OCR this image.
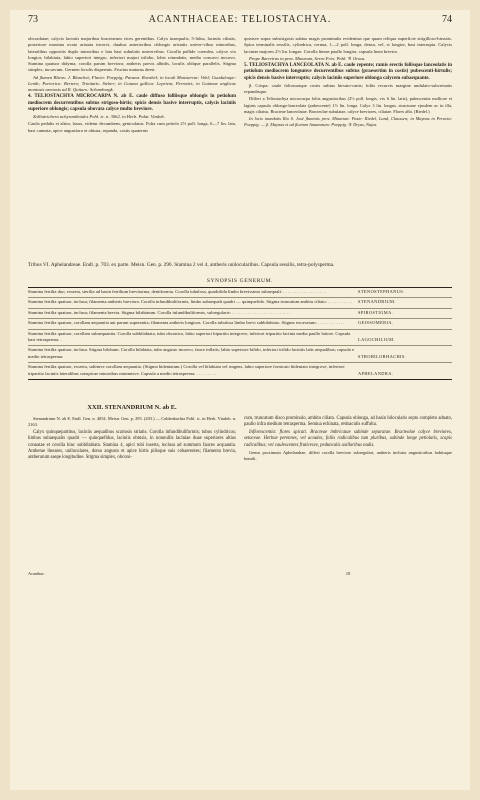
73	ACANTHACEAE: TELIOSTACHYA.	74

obcordatae; calycis laciniis majoribus bractearum vices gerentibus. Calyx inaequalis, 5-fidus, laciniis ciliatis, posteriore maxima ovata aristata tricervi, duabus anterioribus oblongis aristatis univer-vibus minoribus, lateralibus oppositis duplo minoribus e lata basi subulatis univervibus. Corolla pallide coerulea, calyce vix longior, bilabiata, labio superiori integro, inferiori majori trilobo, lobis rotundatis, medio concavo incurvo. Stamina quatuor didyma, corolla parum breviora; antheris parvis albidis, loculis oblique parallelis. Stigma simplex, incurvum. Germen loculis dispermis. Fructus maturus deest.

Ad flumen Rheos: J. Blanchet; Fluvio: Poeppig; Parana: Roenhel; in locali Montserrat: Vohl; Guadaloupe: Lenth; Portorico: Bertero; Trinitatis: Sieber; in Guiana gallica: Leprieur, Perrottet; in Guianae anglicae montosis arenosis ad R. Quitaro: Schomburgk.

4. TELIOSTACHYA MICROCARPA N. ab E. caule diffuso folliisque oblongis in petiolum mediocrem decurrentibus subtus strigoso-hirtis; spicis densis basive interruptis, calycis laciniis superiore oblongis; capsula obovata calyce multo breviore.

Zolliatrichera achyranthoides Pohl. ic. n. 3062. in Herb. Palat. Vindob.

Caulis pedalis et altior, laxus, videtur decumbens, geniculatus. Folia cum petiolo 2½ poll. longa, 6—7 lin. lata, basi cuneata, apice angustiora et obtusa, repanda, costis quaternis

quisisve supra substrigosis subtus magis prominulis evidentius que quam reliqua superficie strigilloso-hirsutis. Spica terminalis sessilis, cylindrica, cernua, 1—2 poll. longa, densa, vel, si longior, basi interrupta. Calycis laciniae majores 2½ lin. longae. Corolla lineae paullo longior, capsula linea brevior.

Prope Barreiras in prov. Minarum, Serra Frio: Pohl. ♃ Orosa.

5. TELIOSTACHYA LANCEOLATA N. ab E. caule repente; ramis erectis foliisque lanceolatis in petiolum mediocrem longumve decurrentibus subtus (praesertim in costis) pubescenti-hirtulis; spicis densis basive interruptis; calycis laciniis superiore oblonga calycem subaequante.

β. Crispa: caule folioruraque costis subtus hirsuto-canis; foliis recurvis margine undulato-subcrenatis repandisque.

Differt a Teliostachya microcarpa foliis angustioribus (2½ poll. longis, vix 6 lin. latis), pubescentia molliore et laginis capsula oblongo-lanceolata (pubescente) 1½ lin. longa. Calyx 3 lin. longus, structurae ejusdem ac in illa, magis ciliatus. Bracteae lanceolatae. Bracteolae subulatae, calyce breviores, ciliatae. Flores albi. (Riedel.)

In locis inundatis Rio S. José fluminis prov. Minarum: Pasie: Riedel, Lund, Claussen; in Maynas in Peruvia: Poeppig. — β. Maynas et ad fluvium Amazonum: Poeppig. ♃ Dryas, Najas.

Tribus VI. Aphelandreae. Endl. p. 703. ex parte. Meisn. Gen. p. 296. Stamina 2 vel 4, antheris unilocularibus. Capsula sessilis, tetra-polysperma.
SYNOPSIS GENERUM.
Stamina fertilia duo, exserta, sterilia ad basin fertilium brevissima, dentiformia. Corolla tubulosa, quadrifida limbo brevissimo subaequali: . . . . . . . . . . . . . . . . . . .	STENOSTEPHANUS.
Stamina fertilia quatuor, inclusa; filamenta antheris breviora. Corolla infundibuliformis, limbo subaequali quadri — quinquefido. Stigma truncatum ambitu ciliato: . . . . . . . . . . .	STENANDRIUM.
Stamina fertilia quatuor, inclusa; filamenta brevia. Stigma bilabiatum. Corolla infundibuliformis, subregularis: . . . . . . . . . . . . . . . . . . . . . . . . . .	SPIROSTIGMA.
Stamina fertilia quatuor, corollam aequantia aut parum superantia; filamenta antheris longiora. Corolla tubulosa limbo brevi subbilabiato. Stigma excavatum: . . . . . . . . . . . .	GEISSOMERIA.
Stamina fertilia quatuor, corollam subaequantia. Corolla subbilabiata, tubo obconico, labio superiori bipartito integrove, inferiori tripartito lacinia media paullo latiore. Capsula basi tetrasperma: .	LAGOCHILIUM.
Stamina fertilia quatuor, inclusa. Stigma bilobum. Corolla bilabiata, tubo angusto incurvo, fauce inflatis, labio superiore bifido, inferiori trifido laciniis latis aequalibus; capsula e medio tetrasperma:	STROBILORHACHIS.
Stamina fertilia quatuor, exserta, saltimve corollam aequantia. (Stigma bidentatum.) Corolla vel bilabiata vel ringens, labio superiore fornicato bidentato integrove, inferiore tripartito laciniis lateralibus conspicue minoribus minimisve. Capsula a medio tetrasperma: . . . . . . . . .	APHELANDRA.
XXII. STENANDRIUM N. ab E.

Stenandrium N. ab E. Endl. Gen. n. 4054. Meisn. Gen. p. 295. (203.) — Caldenbachia Pohl. ic. in Herb. Vindob. n. 2163.

Calyx quinquepartitus, laciniis aequalibus scariosis striatis. Corolla infundibuliformis; tubus cylindricus; limbus subaequalis quadri — quinquefidus, laciniis obtusis, in nonnullis laciniae duae superiores altius connatae et corolla hinc subbilabiata. Stamina 4, apici tubi inserta, inclusa ad summum fauces acquantia. Antherae lineares, uniloculares, dorso angusto et apice hirtis pilisque suis cohaerentes; filamenta brevia, antherarum saepe longitudine. Stigma simplex, obconi-

cum, truncatum disco prominulo, ambitu ciliato. Capsula oblonga, ad basin bilocularis septo completo adnato, paullo infra medium tetrasperma. Semina echinata, retinaculis suffulta.

Inflorescentia: flores spicati. Bracteae imbricatae subinde separatae. Bracteolae calyce breviores, setaceae. Herbae perennes, vel acaules, foliis radicalibus tum pluribus, subinde longe petiolatis, scapis radicalibus; vel caulescentes fruticesve, pedunculis axillaribus nudis.

Genus proximum Aphelandrae, differt corolla breviore subregulari, antheris inclusis angustioribus habituque humili.

Acanthac.	10
